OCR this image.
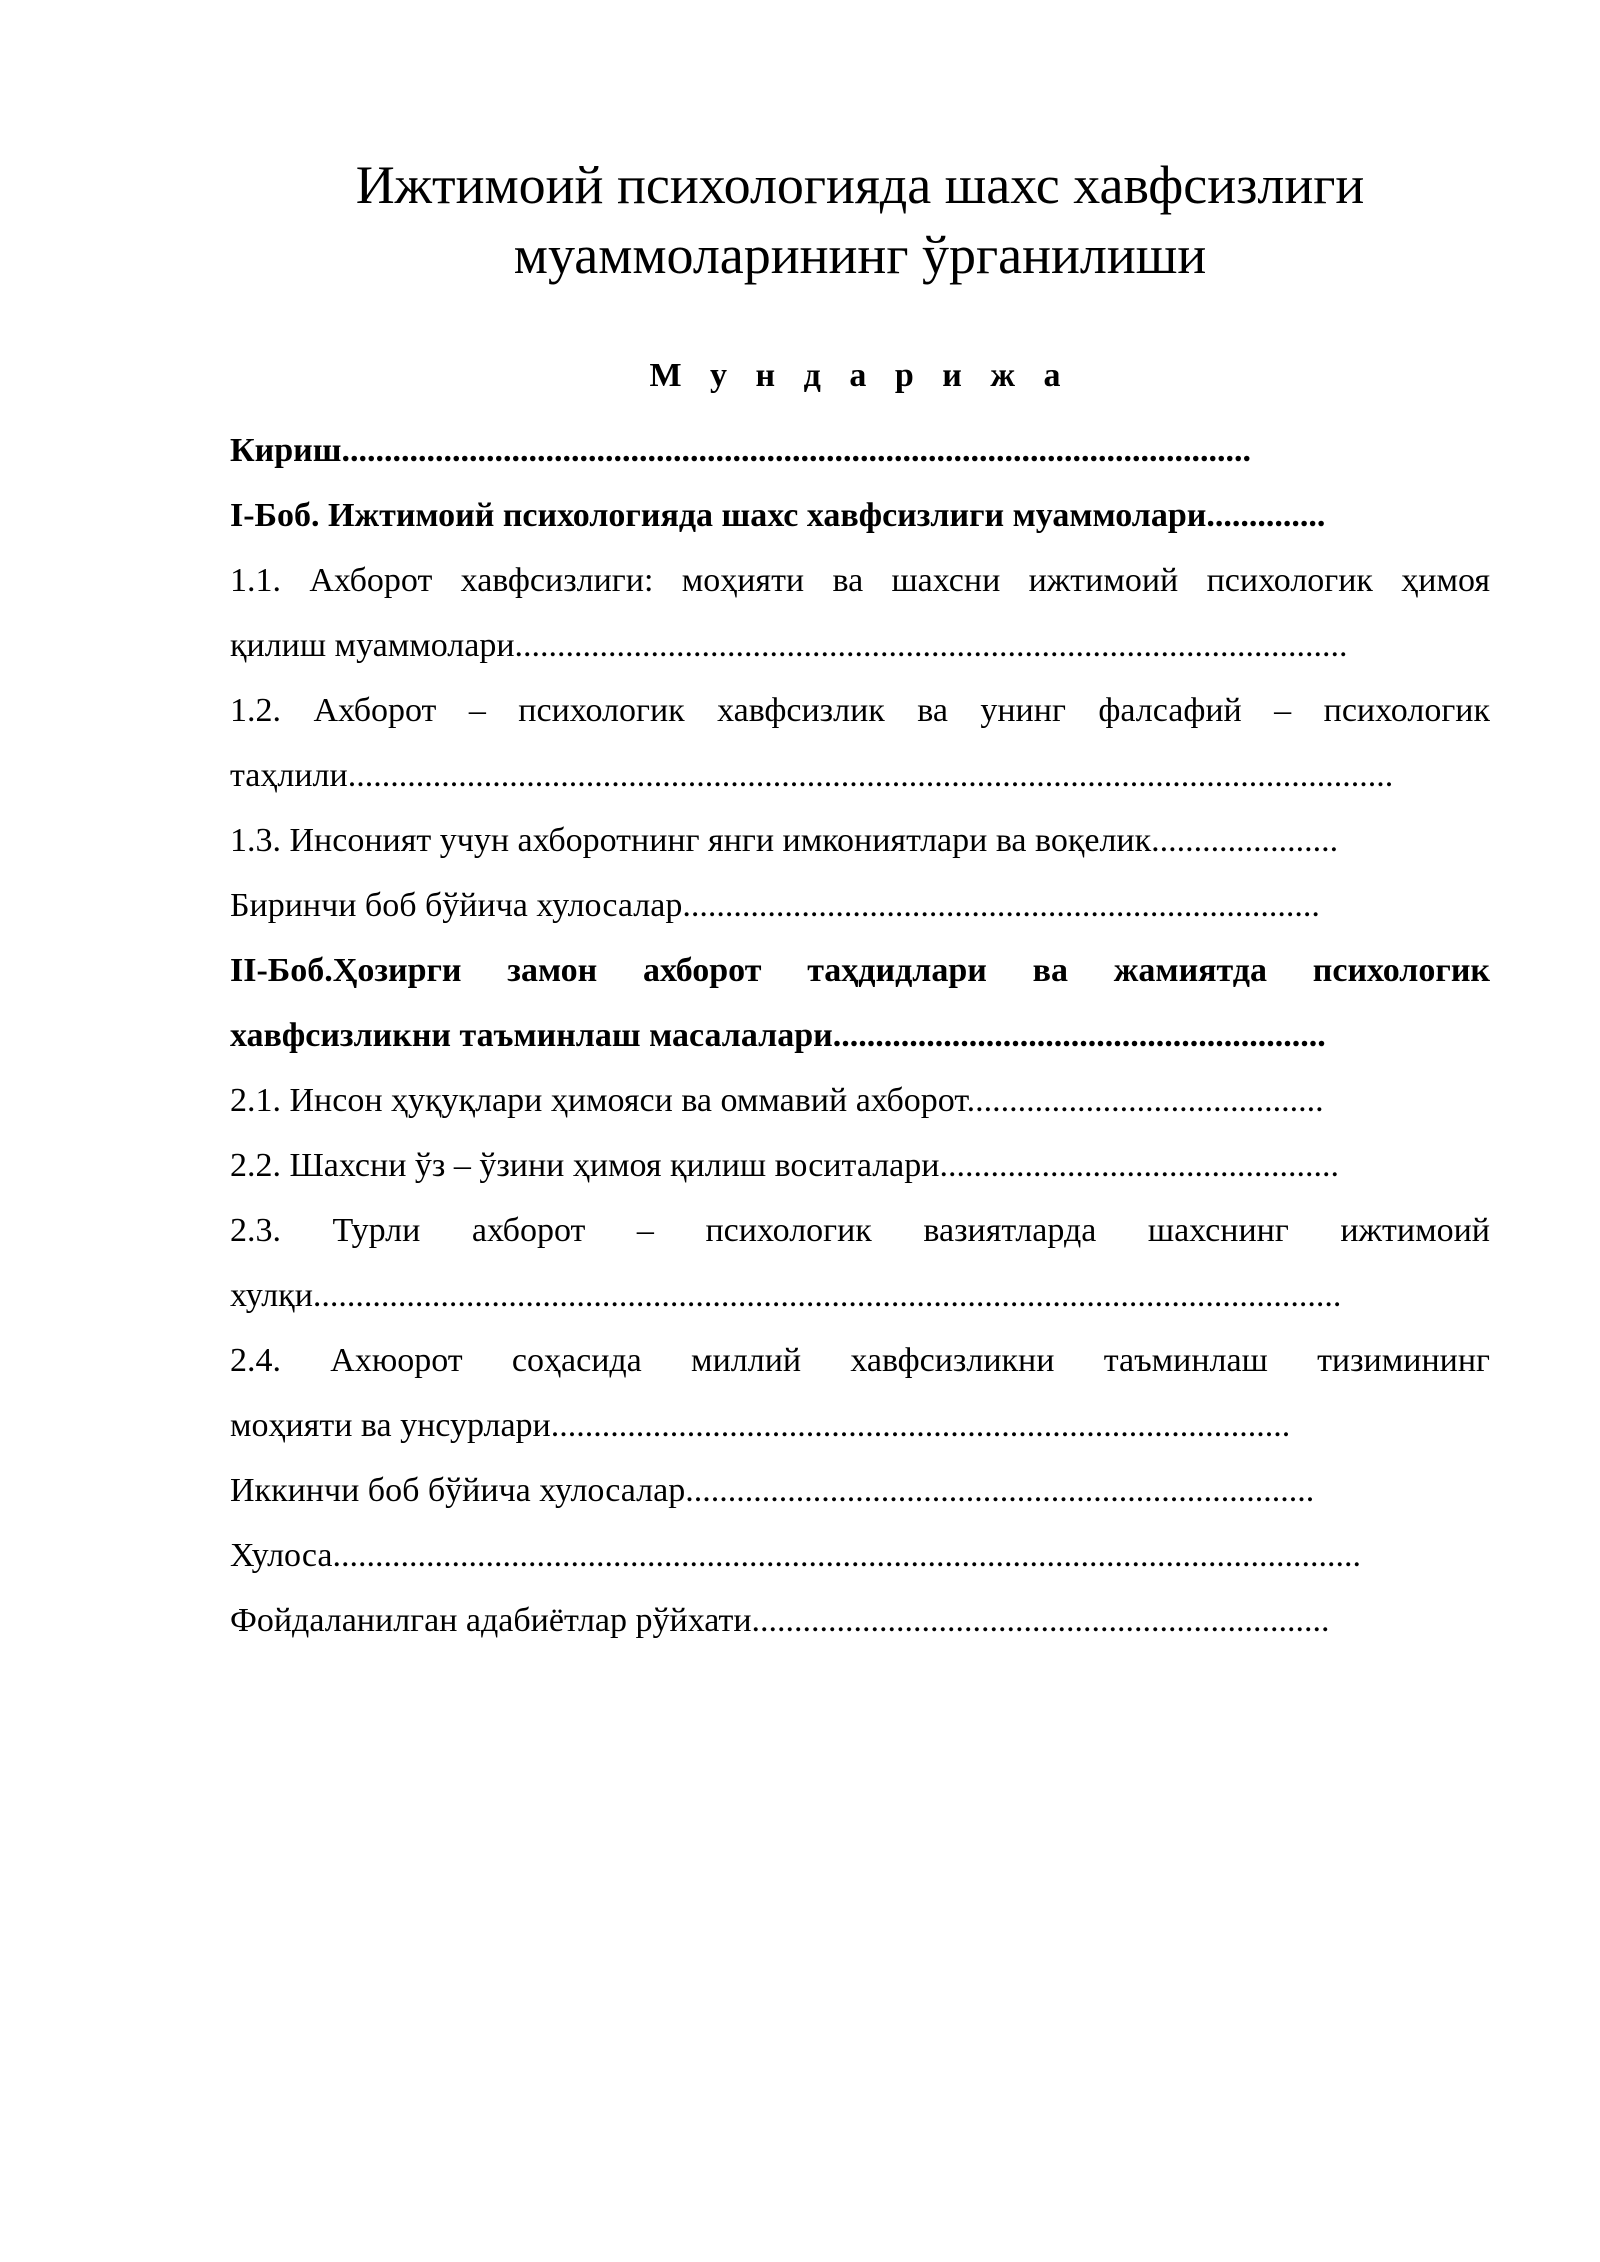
Ижтимоий психологияда шахс хавфсизлиги
муаммоларининг ўрганилиши
М у н д а р и ж а

Кириш...........................................................................................................

I-Боб. Ижтимоий психологияда шахс хавфсизлиги муаммолари..............

1.1. Ахборот хавфсизлиги: моҳияти ва шахсни ижтимоий психологик ҳимоя
қилиш муаммолари..................................................................................................

1.2. Ахборот – психологик хавфсизлик ва унинг фалсафий – психологик
таҳлили...........................................................................................................................

1.3. Инсоният учун ахборотнинг янги имкониятлари ва воқелик......................

Биринчи боб бўйича хулосалар...........................................................................

II-Боб.Ҳозирги замон ахборот таҳдидлари ва жамиятда психологик
хавфсизликни таъминлаш масалалари..........................................................

2.1. Инсон ҳуқуқлари ҳимояси ва оммавий ахборот..........................................

2.2. Шахсни ўз – ўзини ҳимоя қилиш воситалари...............................................

2.3. Турли ахборот – психологик вазиятларда шахснинг ижтимоий
хулқи.........................................................................................................................

2.4. Ахюорот соҳасида миллий хавфсизликни таъминлаш тизимининг
моҳияти ва унсурлари.......................................................................................

Иккинчи боб бўйича хулосалар..........................................................................

Хулоса.........................................................................................................................

Фойдаланилган адабиётлар рўйхати....................................................................
